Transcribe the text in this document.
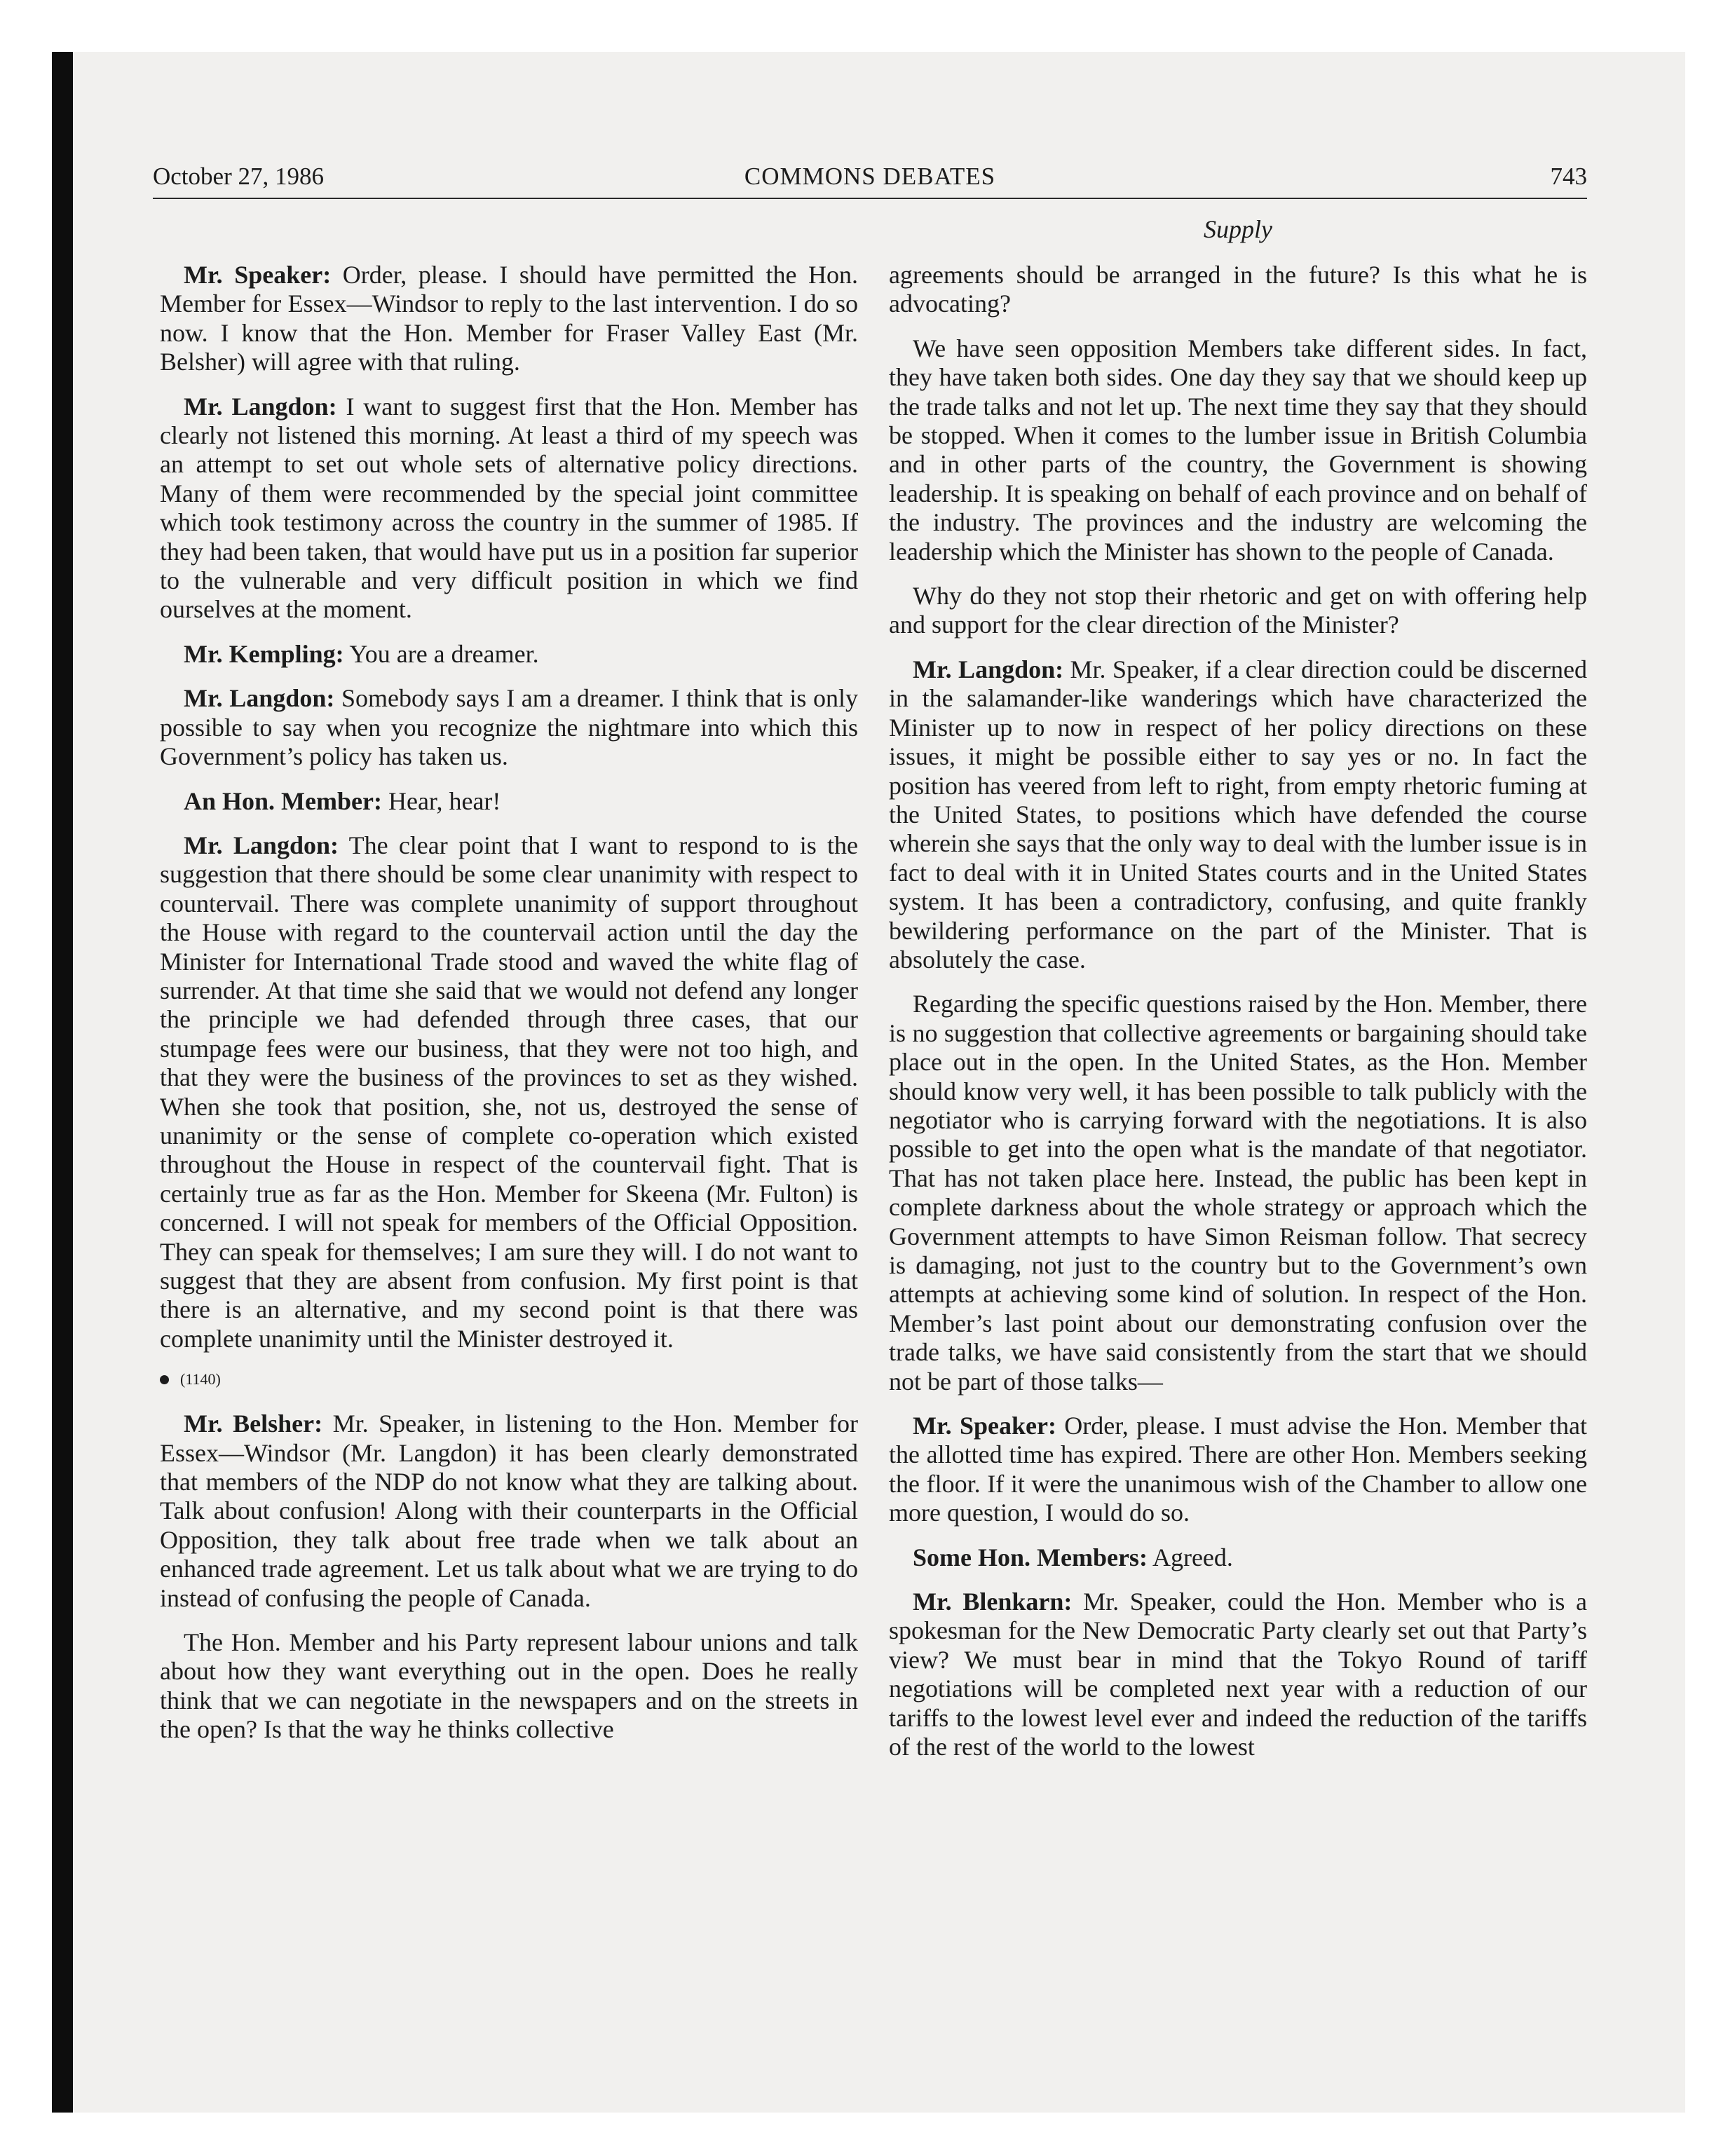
October 27, 1986	COMMONS DEBATES	743
Supply

Mr. Speaker: Order, please. I should have permitted the Hon. Member for Essex—Windsor to reply to the last intervention. I do so now. I know that the Hon. Member for Fraser Valley East (Mr. Belsher) will agree with that ruling.

Mr. Langdon: I want to suggest first that the Hon. Member has clearly not listened this morning. At least a third of my speech was an attempt to set out whole sets of alternative policy directions. Many of them were recommended by the special joint committee which took testimony across the country in the summer of 1985. If they had been taken, that would have put us in a position far superior to the vulnerable and very difficult position in which we find ourselves at the moment.

Mr. Kempling: You are a dreamer.

Mr. Langdon: Somebody says I am a dreamer. I think that is only possible to say when you recognize the nightmare into which this Government’s policy has taken us.

An Hon. Member: Hear, hear!

Mr. Langdon: The clear point that I want to respond to is the suggestion that there should be some clear unanimity with respect to countervail. There was complete unanimity of support throughout the House with regard to the countervail action until the day the Minister for International Trade stood and waved the white flag of surrender. At that time she said that we would not defend any longer the principle we had defended through three cases, that our stumpage fees were our business, that they were not too high, and that they were the business of the provinces to set as they wished. When she took that position, she, not us, destroyed the sense of unanimity or the sense of complete co-operation which existed throughout the House in respect of the countervail fight. That is certainly true as far as the Hon. Member for Skeena (Mr. Fulton) is concerned. I will not speak for members of the Official Opposition. They can speak for themselves; I am sure they will. I do not want to suggest that they are absent from confusion. My first point is that there is an alternative, and my second point is that there was complete unanimity until the Minister destroyed it.

(1140)

Mr. Belsher: Mr. Speaker, in listening to the Hon. Member for Essex—Windsor (Mr. Langdon) it has been clearly demonstrated that members of the NDP do not know what they are talking about. Talk about confusion! Along with their counterparts in the Official Opposition, they talk about free trade when we talk about an enhanced trade agreement. Let us talk about what we are trying to do instead of confusing the people of Canada.

The Hon. Member and his Party represent labour unions and talk about how they want everything out in the open. Does he really think that we can negotiate in the newspapers and on the streets in the open? Is that the way he thinks collective

agreements should be arranged in the future? Is this what he is advocating?

We have seen opposition Members take different sides. In fact, they have taken both sides. One day they say that we should keep up the trade talks and not let up. The next time they say that they should be stopped. When it comes to the lumber issue in British Columbia and in other parts of the country, the Government is showing leadership. It is speaking on behalf of each province and on behalf of the industry. The provinces and the industry are welcoming the leadership which the Minister has shown to the people of Canada.

Why do they not stop their rhetoric and get on with offering help and support for the clear direction of the Minister?

Mr. Langdon: Mr. Speaker, if a clear direction could be discerned in the salamander-like wanderings which have characterized the Minister up to now in respect of her policy directions on these issues, it might be possible either to say yes or no. In fact the position has veered from left to right, from empty rhetoric fuming at the United States, to positions which have defended the course wherein she says that the only way to deal with the lumber issue is in fact to deal with it in United States courts and in the United States system. It has been a contradictory, confusing, and quite frankly bewildering performance on the part of the Minister. That is absolutely the case.

Regarding the specific questions raised by the Hon. Member, there is no suggestion that collective agreements or bargaining should take place out in the open. In the United States, as the Hon. Member should know very well, it has been possible to talk publicly with the negotiator who is carrying forward with the negotiations. It is also possible to get into the open what is the mandate of that negotiator. That has not taken place here. Instead, the public has been kept in complete darkness about the whole strategy or approach which the Government attempts to have Simon Reisman follow. That secrecy is damaging, not just to the country but to the Government’s own attempts at achieving some kind of solution. In respect of the Hon. Member’s last point about our demonstrating confusion over the trade talks, we have said consistently from the start that we should not be part of those talks—

Mr. Speaker: Order, please. I must advise the Hon. Member that the allotted time has expired. There are other Hon. Members seeking the floor. If it were the unanimous wish of the Chamber to allow one more question, I would do so.

Some Hon. Members: Agreed.

Mr. Blenkarn: Mr. Speaker, could the Hon. Member who is a spokesman for the New Democratic Party clearly set out that Party’s view? We must bear in mind that the Tokyo Round of tariff negotiations will be completed next year with a reduction of our tariffs to the lowest level ever and indeed the reduction of the tariffs of the rest of the world to the lowest
